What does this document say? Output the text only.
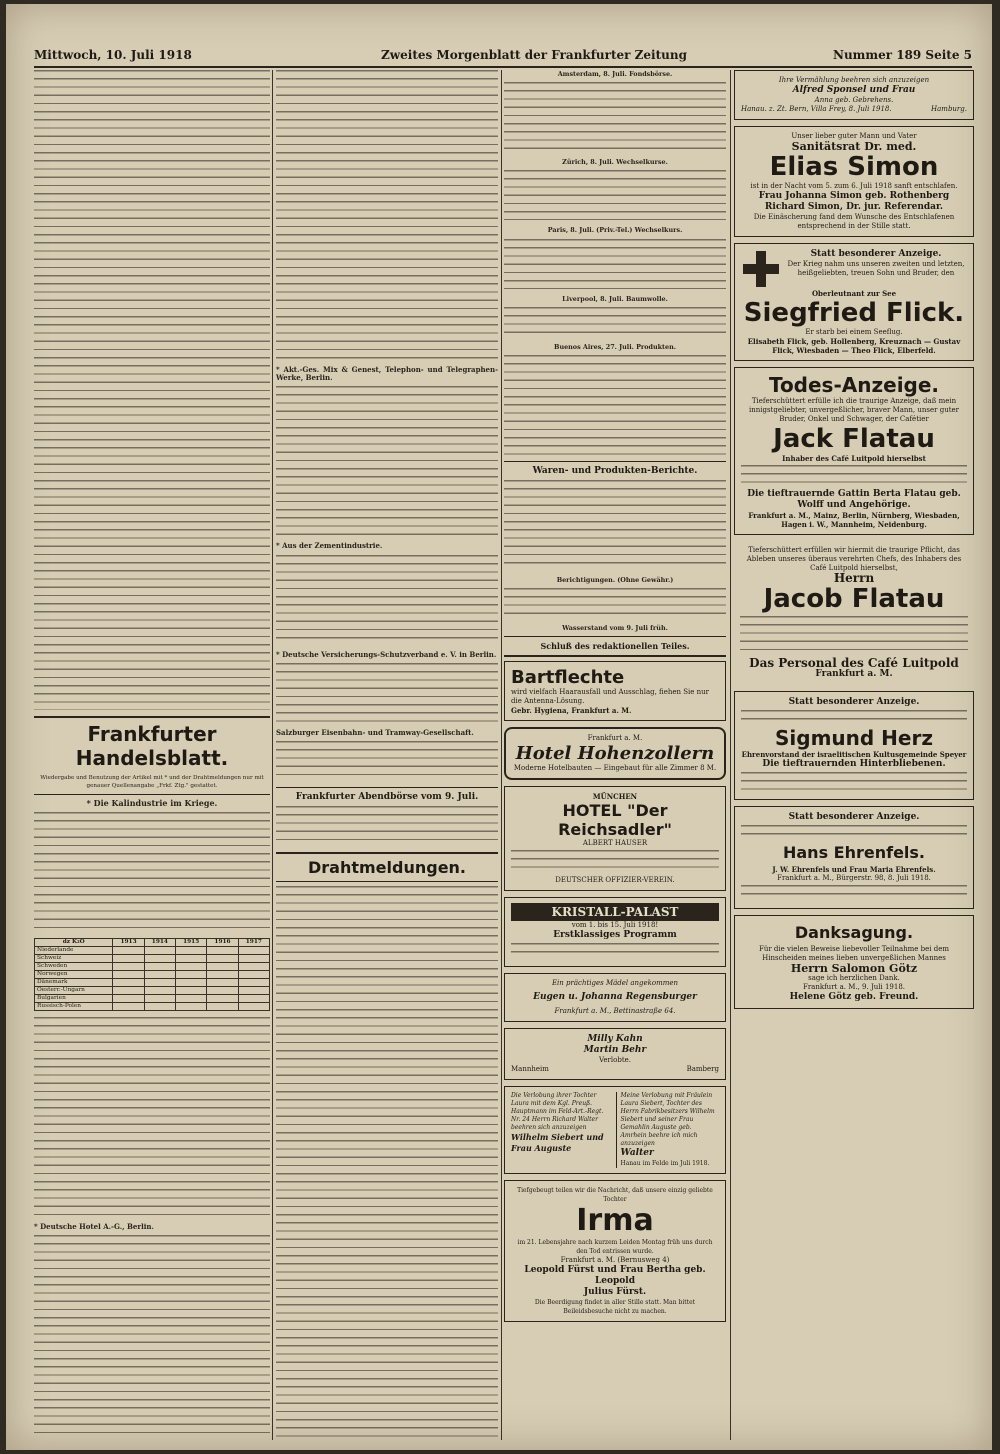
Mittwoch, 10. Juli 1918	Zweites Morgenblatt der Frankfurter Zeitung	Nummer 189 Seite 5
Frankfurter Handelsblatt.
Wiedergabe und Benutzung der Artikel mit * und der Drahtmeldungen nur mit genauer Quellenangabe „Frkf. Ztg." gestattet.
* Die Kalindustrie im Kriege.
dz K₂O	1913	1914	1915	1916	1917
Niederlande					
Schweiz					
Schweden					
Norwegen					
Dänemark					
Oesterr.-Ungarn					
Bulgarien					
Russisch-Polen					
* Deutsche Hotel A.-G., Berlin.
* Akt.-Ges. Mix & Genest, Telephon- und Telegraphen-Werke, Berlin.
* Aus der Zementindustrie.
* Deutsche Versicherungs-Schutzverband e. V. in Berlin.
Salzburger Eisenbahn- und Tramway-Gesellschaft.
Frankfurter Abendbörse vom 9. Juli.
Drahtmeldungen.
Amsterdam, 8. Juli. Fondsbörse.
Zürich, 8. Juli. Wechselkurse.
Paris, 8. Juli. (Priv.-Tel.) Wechselkurs.
Liverpool, 8. Juli. Baumwolle.
Buenos Aires, 27. Juli. Produkten.
Waren- und Produkten-Berichte.
Berichtigungen. (Ohne Gewähr.)
Wasserstand vom 9. Juli früh.
Schluß des redaktionellen Teiles.
Bartflechte
wird vielfach Haarausfall und Ausschlag, fiehen Sie nur die Antenna-Lösung.
Gebr. Hygiena, Frankfurt a. M.
Frankfurt a. M.
Hotel Hohenzollern
Moderne Hotelbauten — Eingebaut für alle Zimmer 8 M.
MÜNCHEN
HOTEL "Der Reichsadler"
ALBERT HAUSER
DEUTSCHER OFFIZIER-VEREIN.
KRISTALL-PALAST
vom 1. bis 15. Juli 1918!
Erstklassiges Programm
Ein prächtiges Mädel angekommen
Eugen u. Johanna Regensburger
Frankfurt a. M., Bettinastraße 64.
Milly Kahn
Martin Behr
Verlobte.
Mannheim	Bamberg
Die Verlobung ihrer Tochter Laura mit dem Kgl. Preuß. Hauptmann im Feld-Art.-Regt. Nr. 24 Herrn Richard Walter beehren sich anzuzeigen
Wilhelm Siebert und Frau Auguste
Meine Verlobung mit Fräulein Laura Siebert, Tochter des Herrn Fabrikbesitzers Wilhelm Siebert und seiner Frau Gemahlin Auguste geb. Amrhein beehre ich mich anzuzeigen
Walter
Hanau im Felde im Juli 1918.
Tiefgebeugt teilen wir die Nachricht, daß unsere einzig geliebte Tochter
Irma
im 21. Lebensjahre nach kurzem Leiden Montag früh uns durch den Tod entrissen wurde.
Frankfurt a. M. (Bernusweg 4)
Leopold Fürst und Frau Bertha geb. Leopold
Julius Fürst.
Die Beerdigung findet in aller Stille statt. Man bittet Beileidsbesuche nicht zu machen.
Ihre Vermählung beehren sich anzuzeigen
Alfred Sponsel und Frau
Anna geb. Gebrehens.
Hanau. z. Zt. Bern, Villa Frey, 8. Juli 1918.	Hamburg.
Unser lieber guter Mann und Vater
Sanitätsrat Dr. med.
Elias Simon
ist in der Nacht vom 5. zum 6. Juli 1918 sanft entschlafen.
Frau Johanna Simon geb. Rothenberg
Richard Simon, Dr. jur. Referendar.
Die Einäscherung fand dem Wunsche des Entschlafenen entsprechend in der Stille statt.
Statt besonderer Anzeige.
Der Krieg nahm uns unseren zweiten und letzten, heißgeliebten, treuen Sohn und Bruder, den
Oberleutnant zur See
Siegfried Flick.
Er starb bei einem Seeflug.
Elisabeth Flick, geb. Hollenberg, Kreuznach — Gustav Flick, Wiesbaden — Theo Flick, Elberfeld.
Todes-Anzeige.
Tieferschüttert erfülle ich die traurige Anzeige, daß mein innigstgeliebter, unvergeßlicher, braver Mann, unser guter Bruder, Onkel und Schwager, der Cafétier
Jack Flatau
Inhaber des Café Luitpold hierselbst
Die tieftrauernde Gattin Berta Flatau geb. Wolff und Angehörige.
Frankfurt a. M., Mainz, Berlin, Nürnberg, Wiesbaden, Hagen i. W., Mannheim, Neidenburg.
Tieferschüttert erfüllen wir hiermit die traurige Pflicht, das Ableben unseres überaus verehrten Chefs, des Inhabers des Café Luitpold hierselbst,
Herrn
Jacob Flatau
Das Personal des Café Luitpold
Frankfurt a. M.
Statt besonderer Anzeige.
Sigmund Herz
Ehrenvorstand der israelitischen Kultusgemeinde Speyer
Die tieftrauernden Hinterbliebenen.
Statt besonderer Anzeige.
Hans Ehrenfels.
J. W. Ehrenfels und Frau Maria Ehrenfels.
Frankfurt a. M., Bürgerstr. 98, 8. Juli 1918.
Danksagung.
Für die vielen Beweise liebevoller Teilnahme bei dem Hinscheiden meines lieben unvergeßlichen Mannes
Herrn Salomon Götz
sage ich herzlichen Dank.
Frankfurt a. M., 9. Juli 1918.
Helene Götz geb. Freund.
